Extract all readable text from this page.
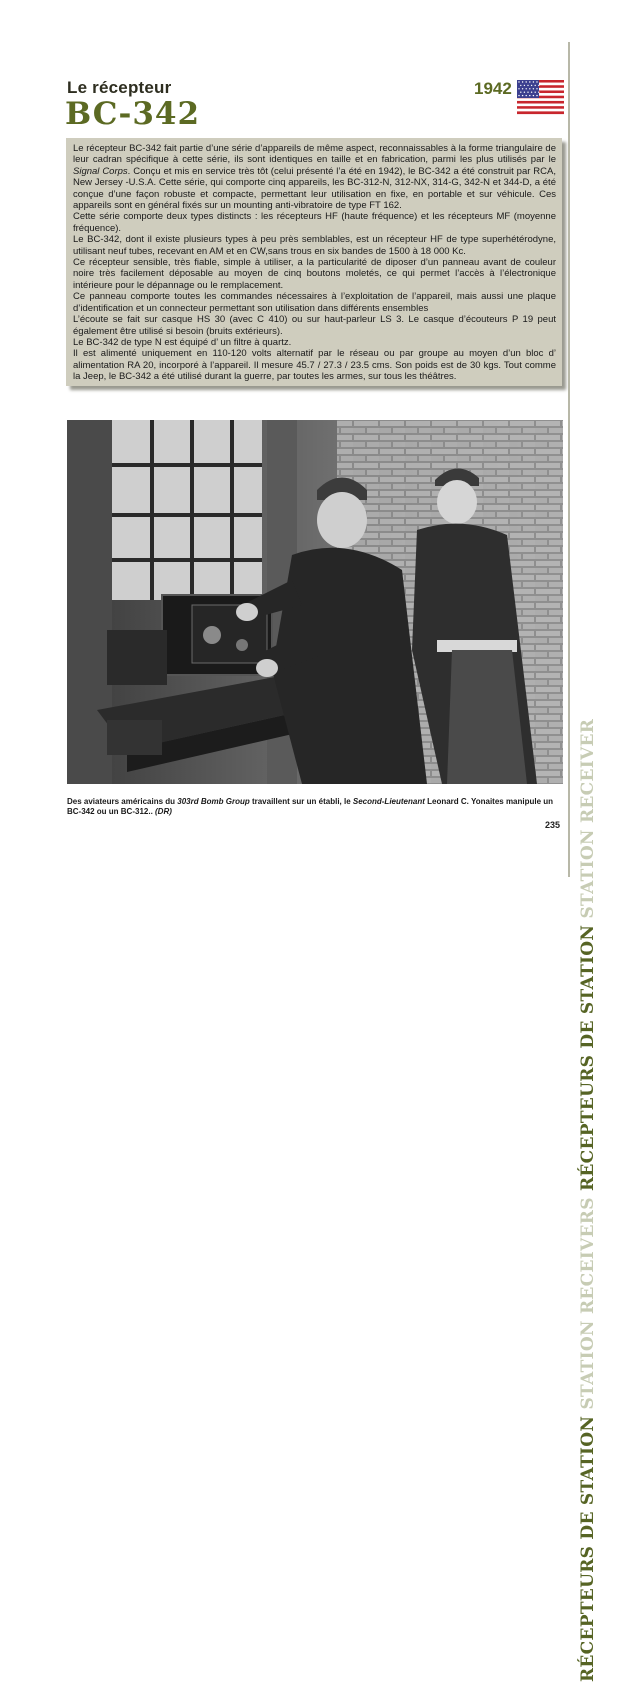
Le récepteur
BC-342
1942

Le récepteur BC-342 fait partie d’une série d’appareils de même aspect, reconnaissables à la forme triangulaire de leur cadran spécifique à cette série, ils sont identiques en taille et en fabrication, parmi les plus utilisés par le Signal Corps. Conçu et mis en service très tôt (celui présenté l’a été en 1942), le BC-342 a été construit par RCA, New Jersey -U.S.A. Cette série, qui comporte cinq appareils, les BC-312-N, 312-NX, 314-G, 342-N et 344-D, a été conçue d’une façon robuste et compacte, permettant leur utilisation en fixe, en portable et sur véhicule. Ces appareils sont en général fixés sur un mounting anti-vibratoire de type FT 162.

Cette série comporte deux types distincts : les récepteurs HF (haute fréquence) et les récepteurs MF (moyenne fréquence).

Le BC-342, dont il existe plusieurs types à peu près semblables, est un récepteur HF de type superhétérodyne, utilisant neuf tubes, recevant en AM et en CW,sans trous en six bandes de 1500 à 18 000 Kc.

Ce récepteur sensible, très fiable, simple à utiliser, a la particularité de diposer d’un panneau avant de couleur noire très facilement déposable au moyen de cinq boutons moletés, ce qui permet l’accès à l’électronique intérieure pour le dépannage ou le remplacement.

Ce panneau comporte toutes les commandes nécessaires à l’exploitation de l’appareil, mais aussi une plaque d’identification et un connecteur permettant son utilisation dans différents ensembles

L’écoute se fait sur casque HS 30 (avec C 410) ou sur haut-parleur LS 3. Le casque d’écouteurs P 19 peut également être utilisé si besoin (bruits extérieurs).

Le BC-342 de type N est équipé d’ un filtre à quartz.

Il est alimenté uniquement en 110-120 volts alternatif par le réseau ou par groupe au moyen d’un bloc d’ alimentation RA 20, incorporé à l’appareil. Il mesure 45.7 / 27.3 / 23.5 cms. Son poids est de 30 kgs. Tout comme la Jeep, le BC-342 a été utilisé durant la guerre, par toutes les armes, sur tous les théâtres.

Des aviateurs américains du 303rd Bomb Group travaillent sur un établi, le Second-Lieutenant Leonard C. Yonaites manipule un BC-342 ou un BC-312.. (DR)
235
RÉCEPTEURS DE STATION STATION RECEIVERS RÉCEPTEURS DE STATION STATION RECEIVER
